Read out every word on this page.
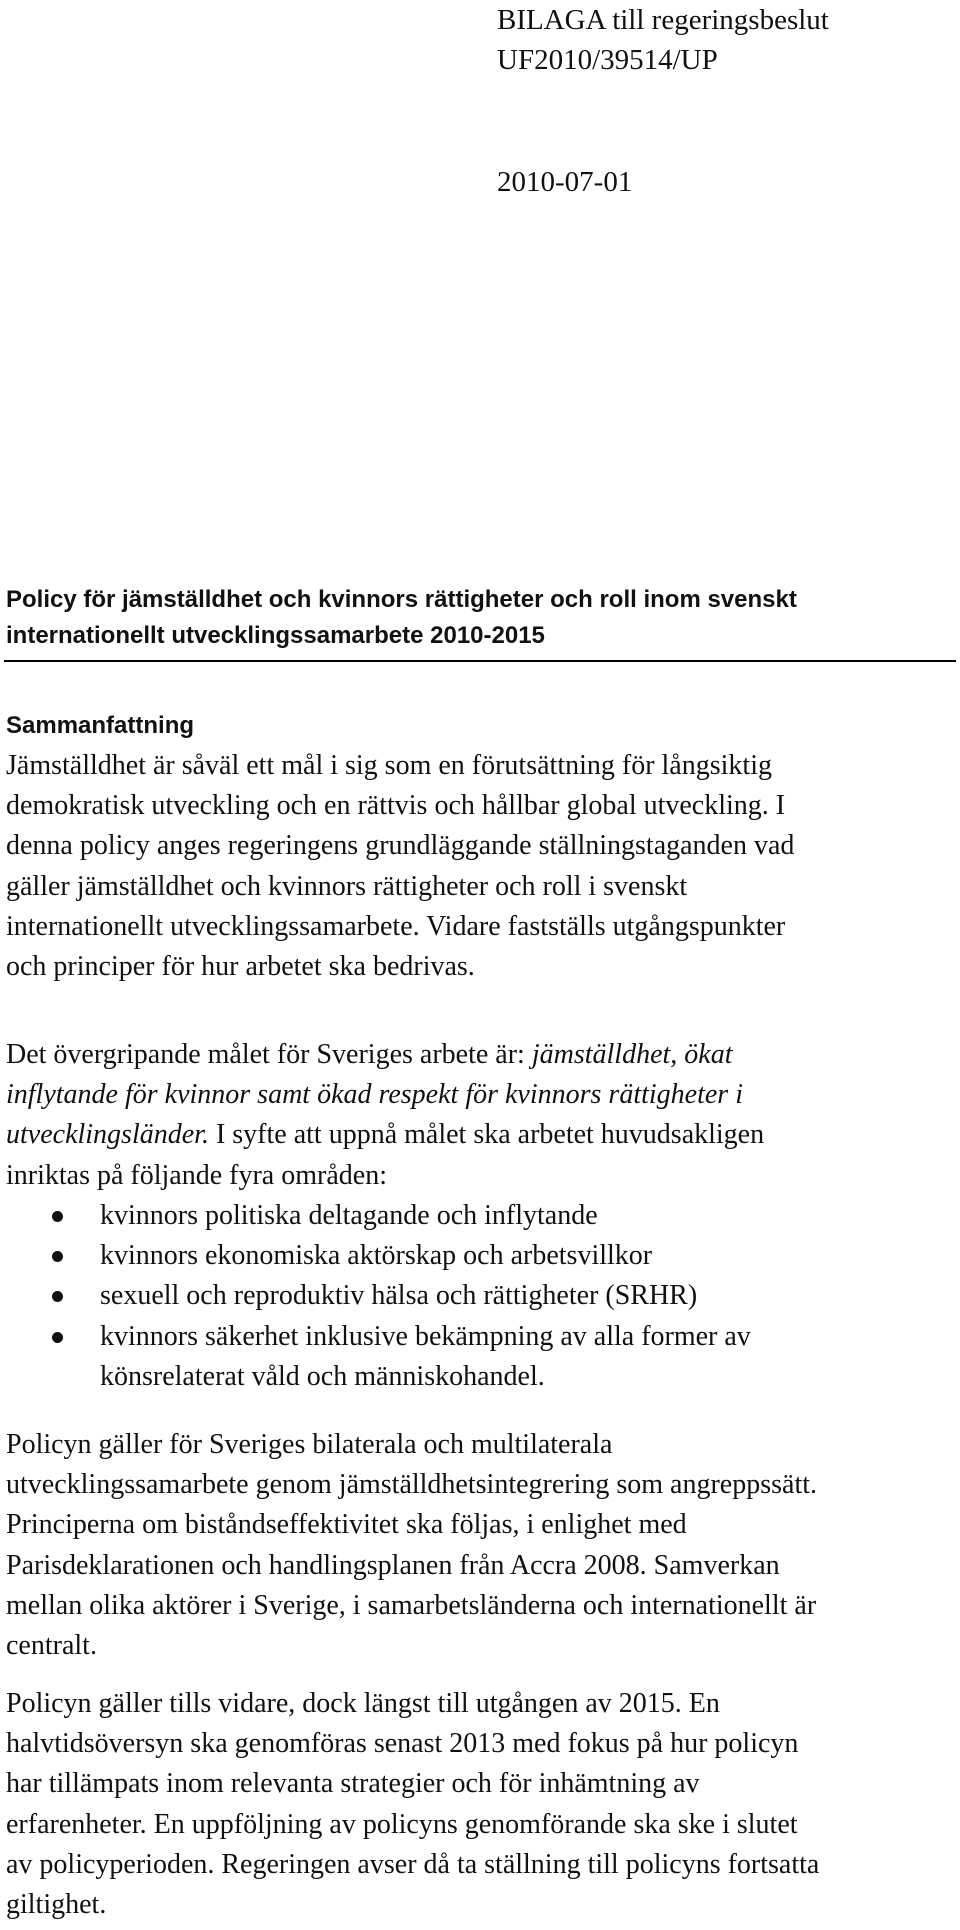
BILAGA till regeringsbeslut
UF2010/39514/UP
2010-07-01
Policy för jämställdhet och kvinnors rättigheter och roll inom svenskt
internationellt utvecklingssamarbete 2010-2015
Sammanfattning

Jämställdhet är såväl ett mål i sig som en förutsättning för långsiktig
demokratisk utveckling och en rättvis och hållbar global utveckling. I
denna policy anges regeringens grundläggande ställningstaganden vad
gäller jämställdhet och kvinnors rättigheter och roll i svenskt
internationellt utvecklingssamarbete. Vidare fastställs utgångspunkter
och principer för hur arbetet ska bedrivas.

Det övergripande målet för Sveriges arbete är: jämställdhet, ökat
inflytande för kvinnor samt ökad respekt för kvinnors rättigheter i
utvecklingsländer. I syfte att uppnå målet ska arbetet huvudsakligen
inriktas på följande fyra områden:

kvinnors politiska deltagande och inflytande
kvinnors ekonomiska aktörskap och arbetsvillkor
sexuell och reproduktiv hälsa och rättigheter (SRHR)
kvinnors säkerhet inklusive bekämpning av alla former av
könsrelaterat våld och människohandel.

Policyn gäller för Sveriges bilaterala och multilaterala
utvecklingssamarbete genom jämställdhetsintegrering som angreppssätt.
Principerna om biståndseffektivitet ska följas, i enlighet med
Parisdeklarationen och handlingsplanen från Accra 2008. Samverkan
mellan olika aktörer i Sverige, i samarbetsländerna och internationellt är
centralt.

Policyn gäller tills vidare, dock längst till utgången av 2015. En
halvtidsöversyn ska genomföras senast 2013 med fokus på hur policyn
har tillämpats inom relevanta strategier och för inhämtning av
erfarenheter. En uppföljning av policyns genomförande ska ske i slutet
av policyperioden. Regeringen avser då ta ställning till policyns fortsatta
giltighet.
